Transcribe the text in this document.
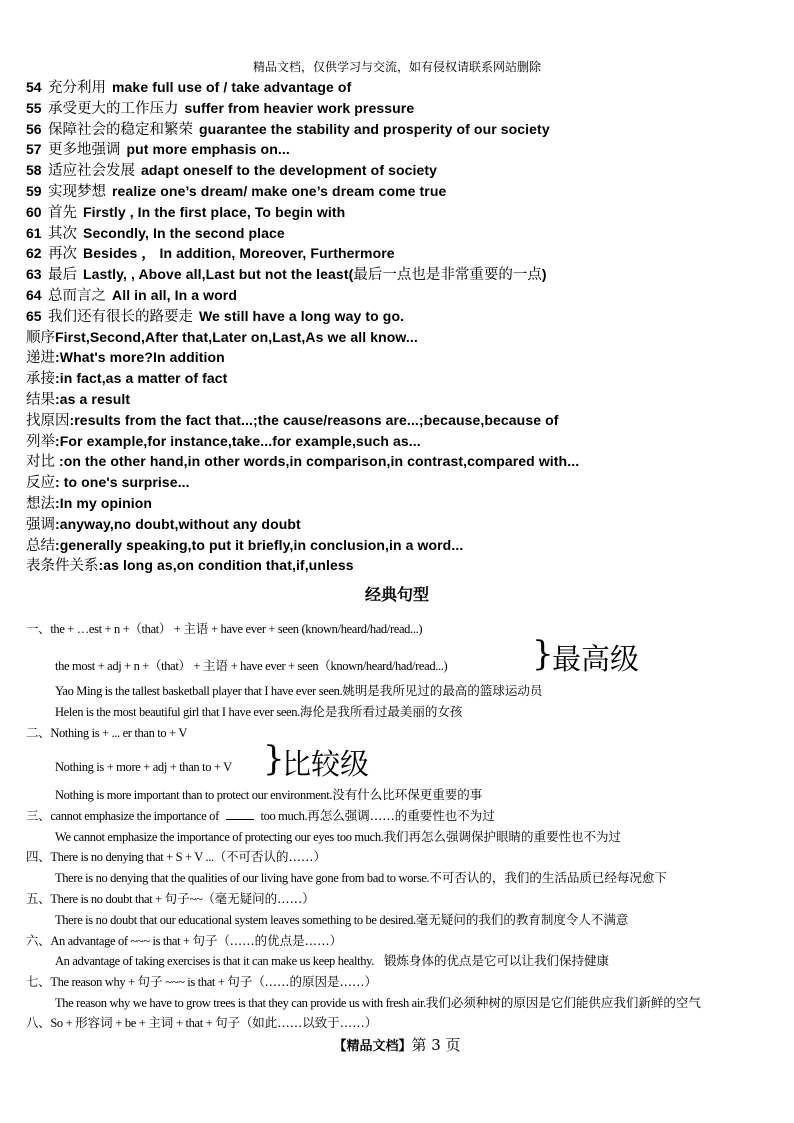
精品文档，仅供学习与交流，如有侵权请联系网站删除
54 充分利用 make full use of / take advantage of
55 承受更大的工作压力 suffer from heavier work pressure
56 保障社会的稳定和繁荣 guarantee the stability and prosperity of our society
57 更多地强调 put more emphasis on...
58 适应社会发展 adapt oneself to the development of society
59 实现梦想 realize one’s dream/ make one’s dream come true
60 首先 Firstly , In the first place, To begin with
61 其次 Secondly, In the second place
62 再次 Besides ， In addition, Moreover, Furthermore
63 最后 Lastly, , Above all,Last but not the least(最后一点也是非常重要的一点)
64 总而言之 All in all, In a word
65 我们还有很长的路要走 We still have a long way to go.
顺序First,Second,After that,Later on,Last,As we all know...
递进:What's more?In addition
承接:in fact,as a matter of fact
结果:as a result
找原因:results from the fact that...;the cause/reasons are...;because,because of
列举:For example,for instance,take...for example,such as...
对比 :on the other hand,in other words,in comparison,in contrast,compared with...
反应: to one's surprise...
想法:In my opinion
强调:anyway,no doubt,without any doubt
总结:generally speaking,to put it briefly,in conclusion,in a word...
表条件关系:as long as,on condition that,if,unless
经典句型
一、the + …est + n +（that） + 主语 + have ever + seen (known/heard/had/read...)
the most + adj + n +（that） + 主语 + have ever + seen（known/heard/had/read...) }
最高级
Yao Ming is the tallest basketball player that I have ever seen.姚明是我所见过的最高的篮球运动员
Helen is the most beautiful girl that I have ever seen.海伦是我所看过最美丽的女孩
二、Nothing is + ... er than to + V
Nothing is + more + adj + than to + V }
比较级
Nothing is more important than to protect our environment.没有什么比环保更重要的事
三、cannot emphasize the importance of	too much.再怎么强调……的重要性也不为过
We cannot emphasize the importance of protecting our eyes too much.我们再怎么强调保护眼睛的重要性也不为过
四、There is no denying that + S + V ...（不可否认的……）
There is no denying that the qualities of our living have gone from bad to worse.不可否认的，我们的生活品质已经每况愈下
五、There is no doubt that + 句子~~（毫无疑问的……）
There is no doubt that our educational system leaves something to be desired.毫无疑问的我们的教育制度令人不满意
六、An advantage of ~~~ is that + 句子（……的优点是……）
An advantage of taking exercises is that it can make us keep healthy. 锻炼身体的优点是它可以让我们保持健康
七、The reason why + 句子 ~~~ is that + 句子（……的原因是……）
The reason why we have to grow trees is that they can provide us with fresh air.我们必须种树的原因是它们能供应我们新鲜的空气
八、So + 形容词 + be + 主词 + that + 句子（如此……以致于……）
【精品文档】第 3 页
